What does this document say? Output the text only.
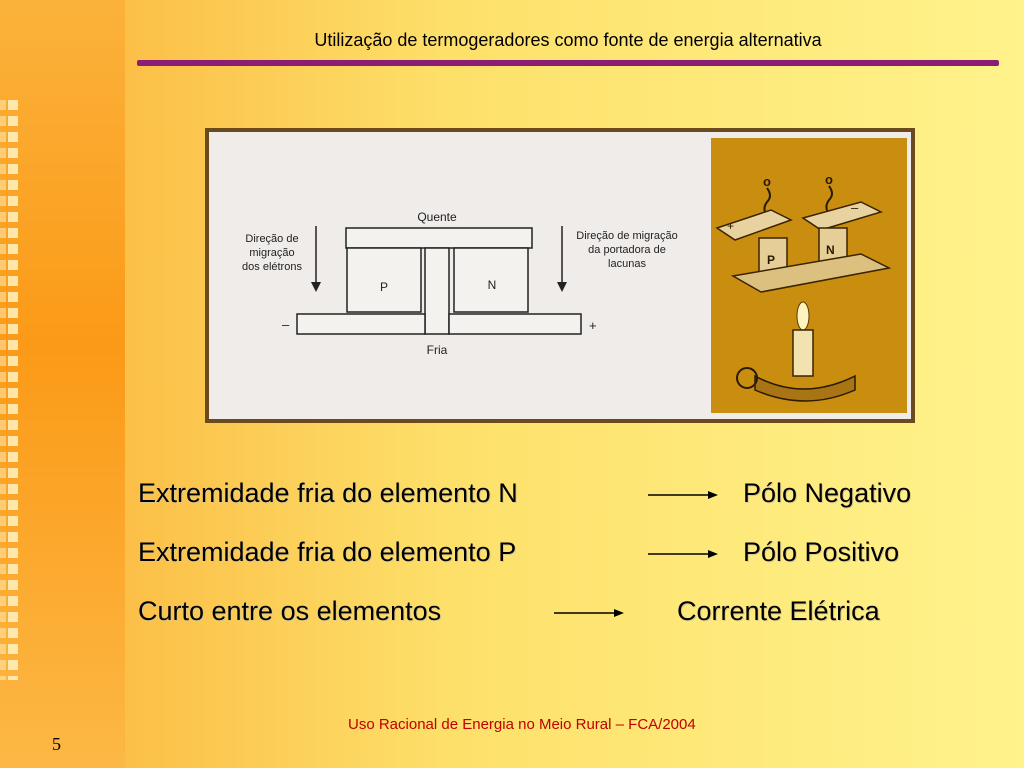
Utilização de termogeradores como fonte de energia alternativa
Quente
Fria
P	N
–	+
Direção de
migração
dos elétrons
Direção de migração
da portadora de
lacunas
o	o
+
–
P
N
Extremidade fria do elemento N	Pólo Negativo
Extremidade fria do elemento P	Pólo Positivo
Curto entre os elementos	Corrente Elétrica
Uso Racional de Energia no Meio Rural – FCA/2004
5
